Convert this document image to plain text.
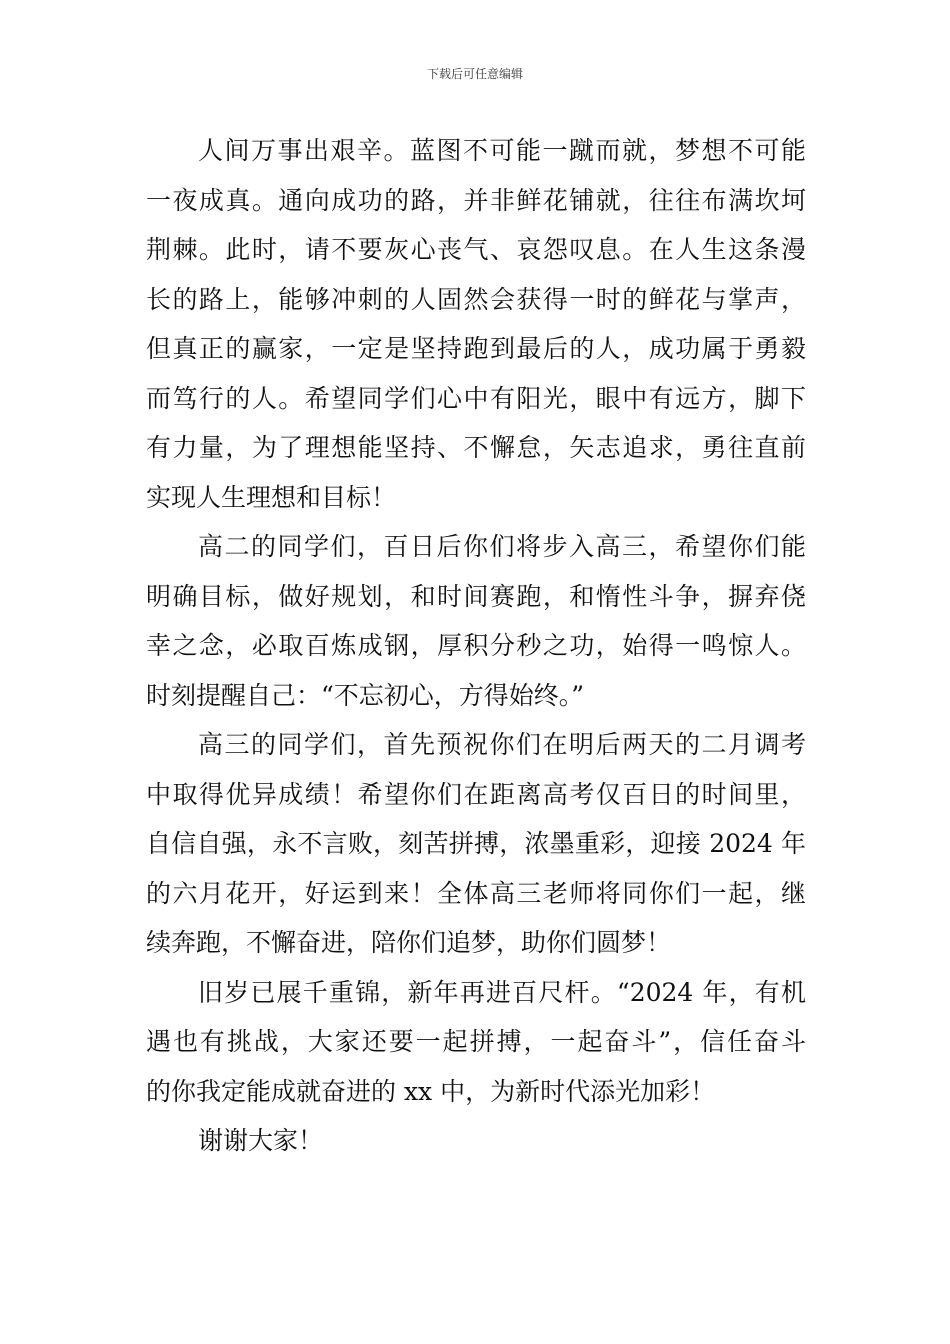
下载后可任意编辑
人间万事出艰辛。蓝图不可能一蹴而就，梦想不可能
一夜成真。通向成功的路，并非鲜花铺就，往往布满坎坷
荆棘。此时，请不要灰心丧气、哀怨叹息。在人生这条漫
长的路上，能够冲刺的人固然会获得一时的鲜花与掌声，
但真正的赢家，一定是坚持跑到最后的人，成功属于勇毅
而笃行的人。希望同学们心中有阳光，眼中有远方，脚下
有力量，为了理想能坚持、不懈怠，矢志追求，勇往直前
实现人生理想和目标！
高二的同学们，百日后你们将步入高三，希望你们能
明确目标，做好规划，和时间赛跑，和惰性斗争，摒弃侥
幸之念，必取百炼成钢，厚积分秒之功，始得一鸣惊人。
时刻提醒自己：“不忘初心，方得始终。”
高三的同学们，首先预祝你们在明后两天的二月调考
中取得优异成绩！希望你们在距离高考仅百日的时间里，
自信自强，永不言败，刻苦拼搏，浓墨重彩，迎接 2024 年
的六月花开，好运到来！全体高三老师将同你们一起，继
续奔跑，不懈奋进，陪你们追梦，助你们圆梦！
旧岁已展千重锦，新年再进百尺杆。“2024 年，有机
遇也有挑战，大家还要一起拼搏，一起奋斗”，信任奋斗
的你我定能成就奋进的 xx 中，为新时代添光加彩！
谢谢大家！
